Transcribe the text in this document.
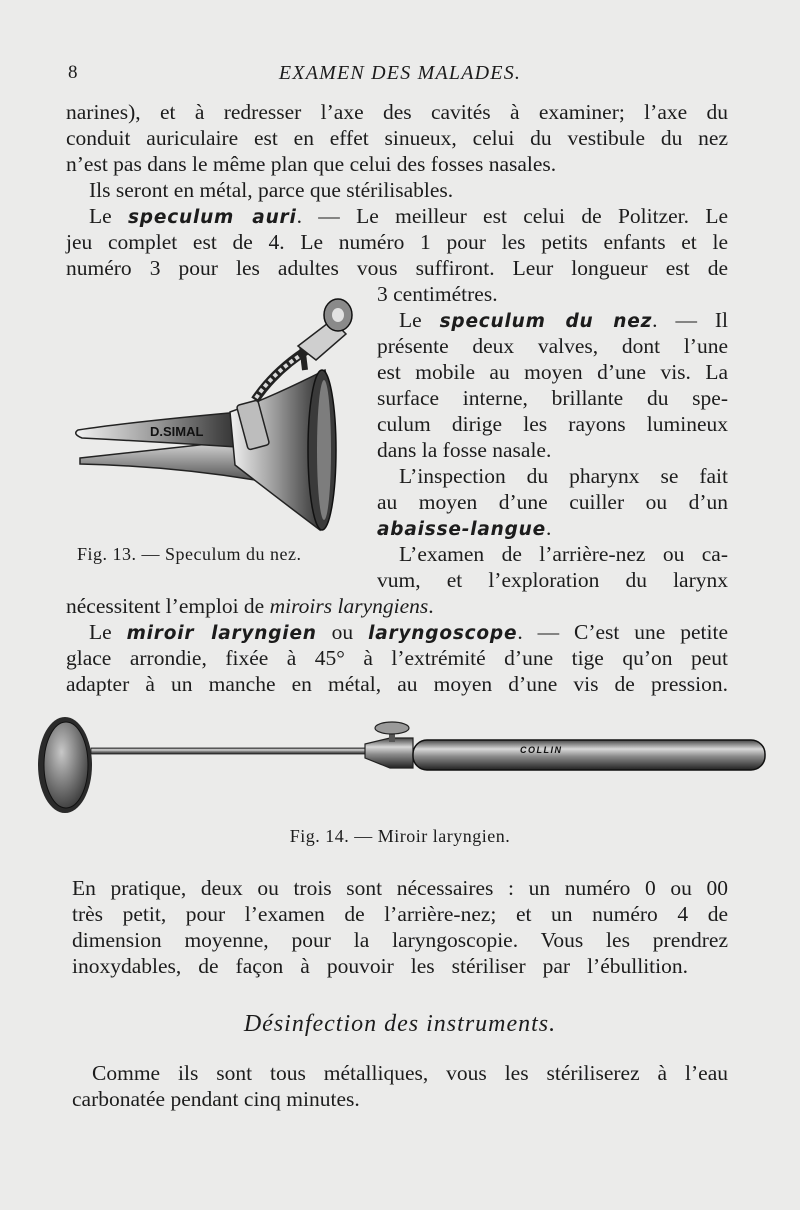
8	EXAMEN DES MALADES.
narines), et à redresser l’axe des cavités à examiner; l’axe du
conduit auriculaire est en effet sinueux, celui du vestibule du nez
n’est pas dans le même plan que celui des fosses nasales.
Ils seront en métal, parce que stérilisables.
Le speculum auri. — Le meilleur est celui de Politzer. Le
jeu complet est de 4. Le numéro 1 pour les petits enfants et le
numéro 3 pour les adultes vous suffiront. Leur longueur est de
3 centimétres.
Le speculum du nez. — Il
présente deux valves, dont l’une
est mobile au moyen d’une vis. La
surface interne, brillante du spe-
culum dirige les rayons lumineux
dans la fosse nasale.
L’inspection du pharynx se fait
au moyen d’une cuiller ou d’un
abaisse-langue.
D.SIMAL
Fig. 13. — Speculum du nez.	L’examen de l’arrière-nez ou ca-
vum, et l’exploration du larynx
nécessitent l’emploi de miroirs laryngiens.
Le miroir laryngien ou laryngoscope. — C’est une petite
glace arrondie, fixée à 45° à l’extrémité d’une tige qu’on peut
adapter à un manche en métal, au moyen d’une vis de pression.
COLLIN
Fig. 14. — Miroir laryngien.
En pratique, deux ou trois sont nécessaires : un numéro 0 ou 00
très petit, pour l’examen de l’arrière-nez; et un numéro 4 de
dimension moyenne, pour la laryngoscopie. Vous les prendrez
inoxydables, de façon à pouvoir les stériliser par l’ébullition.
Désinfection des instruments.
Comme ils sont tous métalliques, vous les stériliserez à l’eau
carbonatée pendant cinq minutes.
